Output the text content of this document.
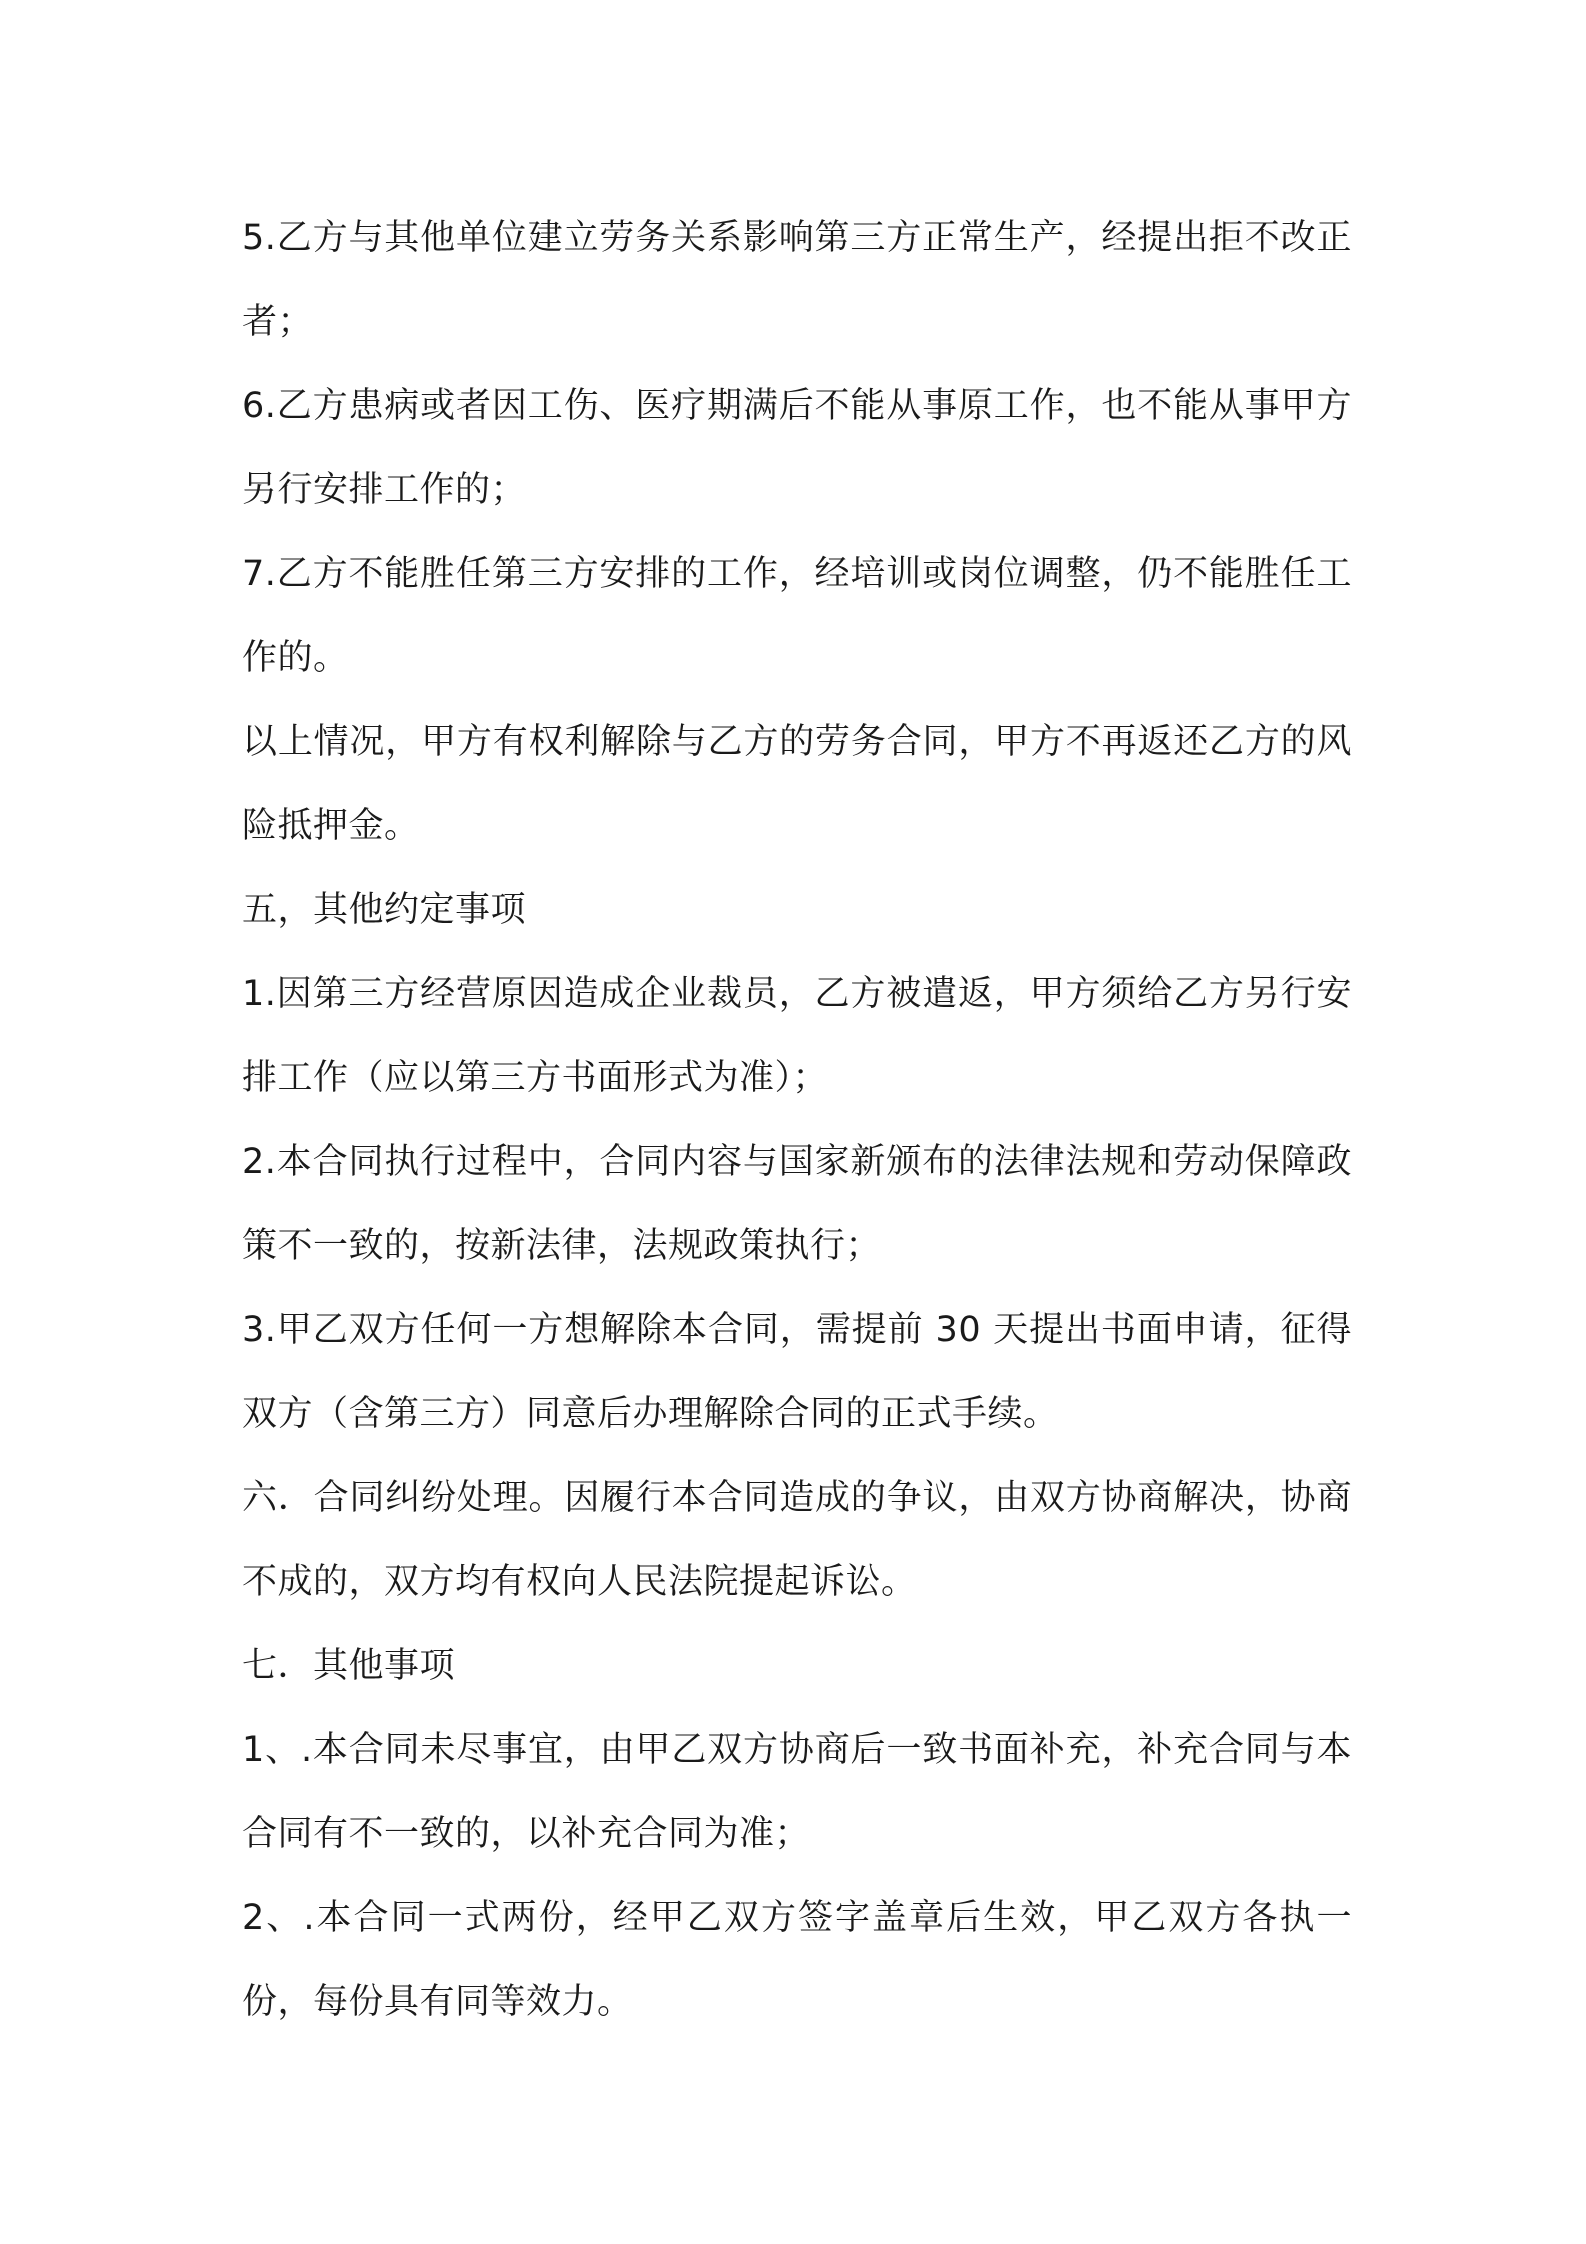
5.乙方与其他单位建立劳务关系影响第三方正常生产，经提出拒不改正者；

6.乙方患病或者因工伤、医疗期满后不能从事原工作，也不能从事甲方另行安排工作的；

7.乙方不能胜任第三方安排的工作，经培训或岗位调整，仍不能胜任工作的。

以上情况，甲方有权利解除与乙方的劳务合同，甲方不再返还乙方的风险抵押金。

五，其他约定事项

1.因第三方经营原因造成企业裁员，乙方被遣返，甲方须给乙方另行安排工作（应以第三方书面形式为准）；

2.本合同执行过程中，合同内容与国家新颁布的法律法规和劳动保障政策不一致的，按新法律，法规政策执行；

3.甲乙双方任何一方想解除本合同，需提前 30 天提出书面申请，征得双方（含第三方）同意后办理解除合同的正式手续。

六．合同纠纷处理。因履行本合同造成的争议，由双方协商解决，协商不成的，双方均有权向人民法院提起诉讼。

七．其他事项

1、.本合同未尽事宜，由甲乙双方协商后一致书面补充，补充合同与本合同有不一致的，以补充合同为准；

2、.本合同一式两份，经甲乙双方签字盖章后生效，甲乙双方各执一份，每份具有同等效力。
